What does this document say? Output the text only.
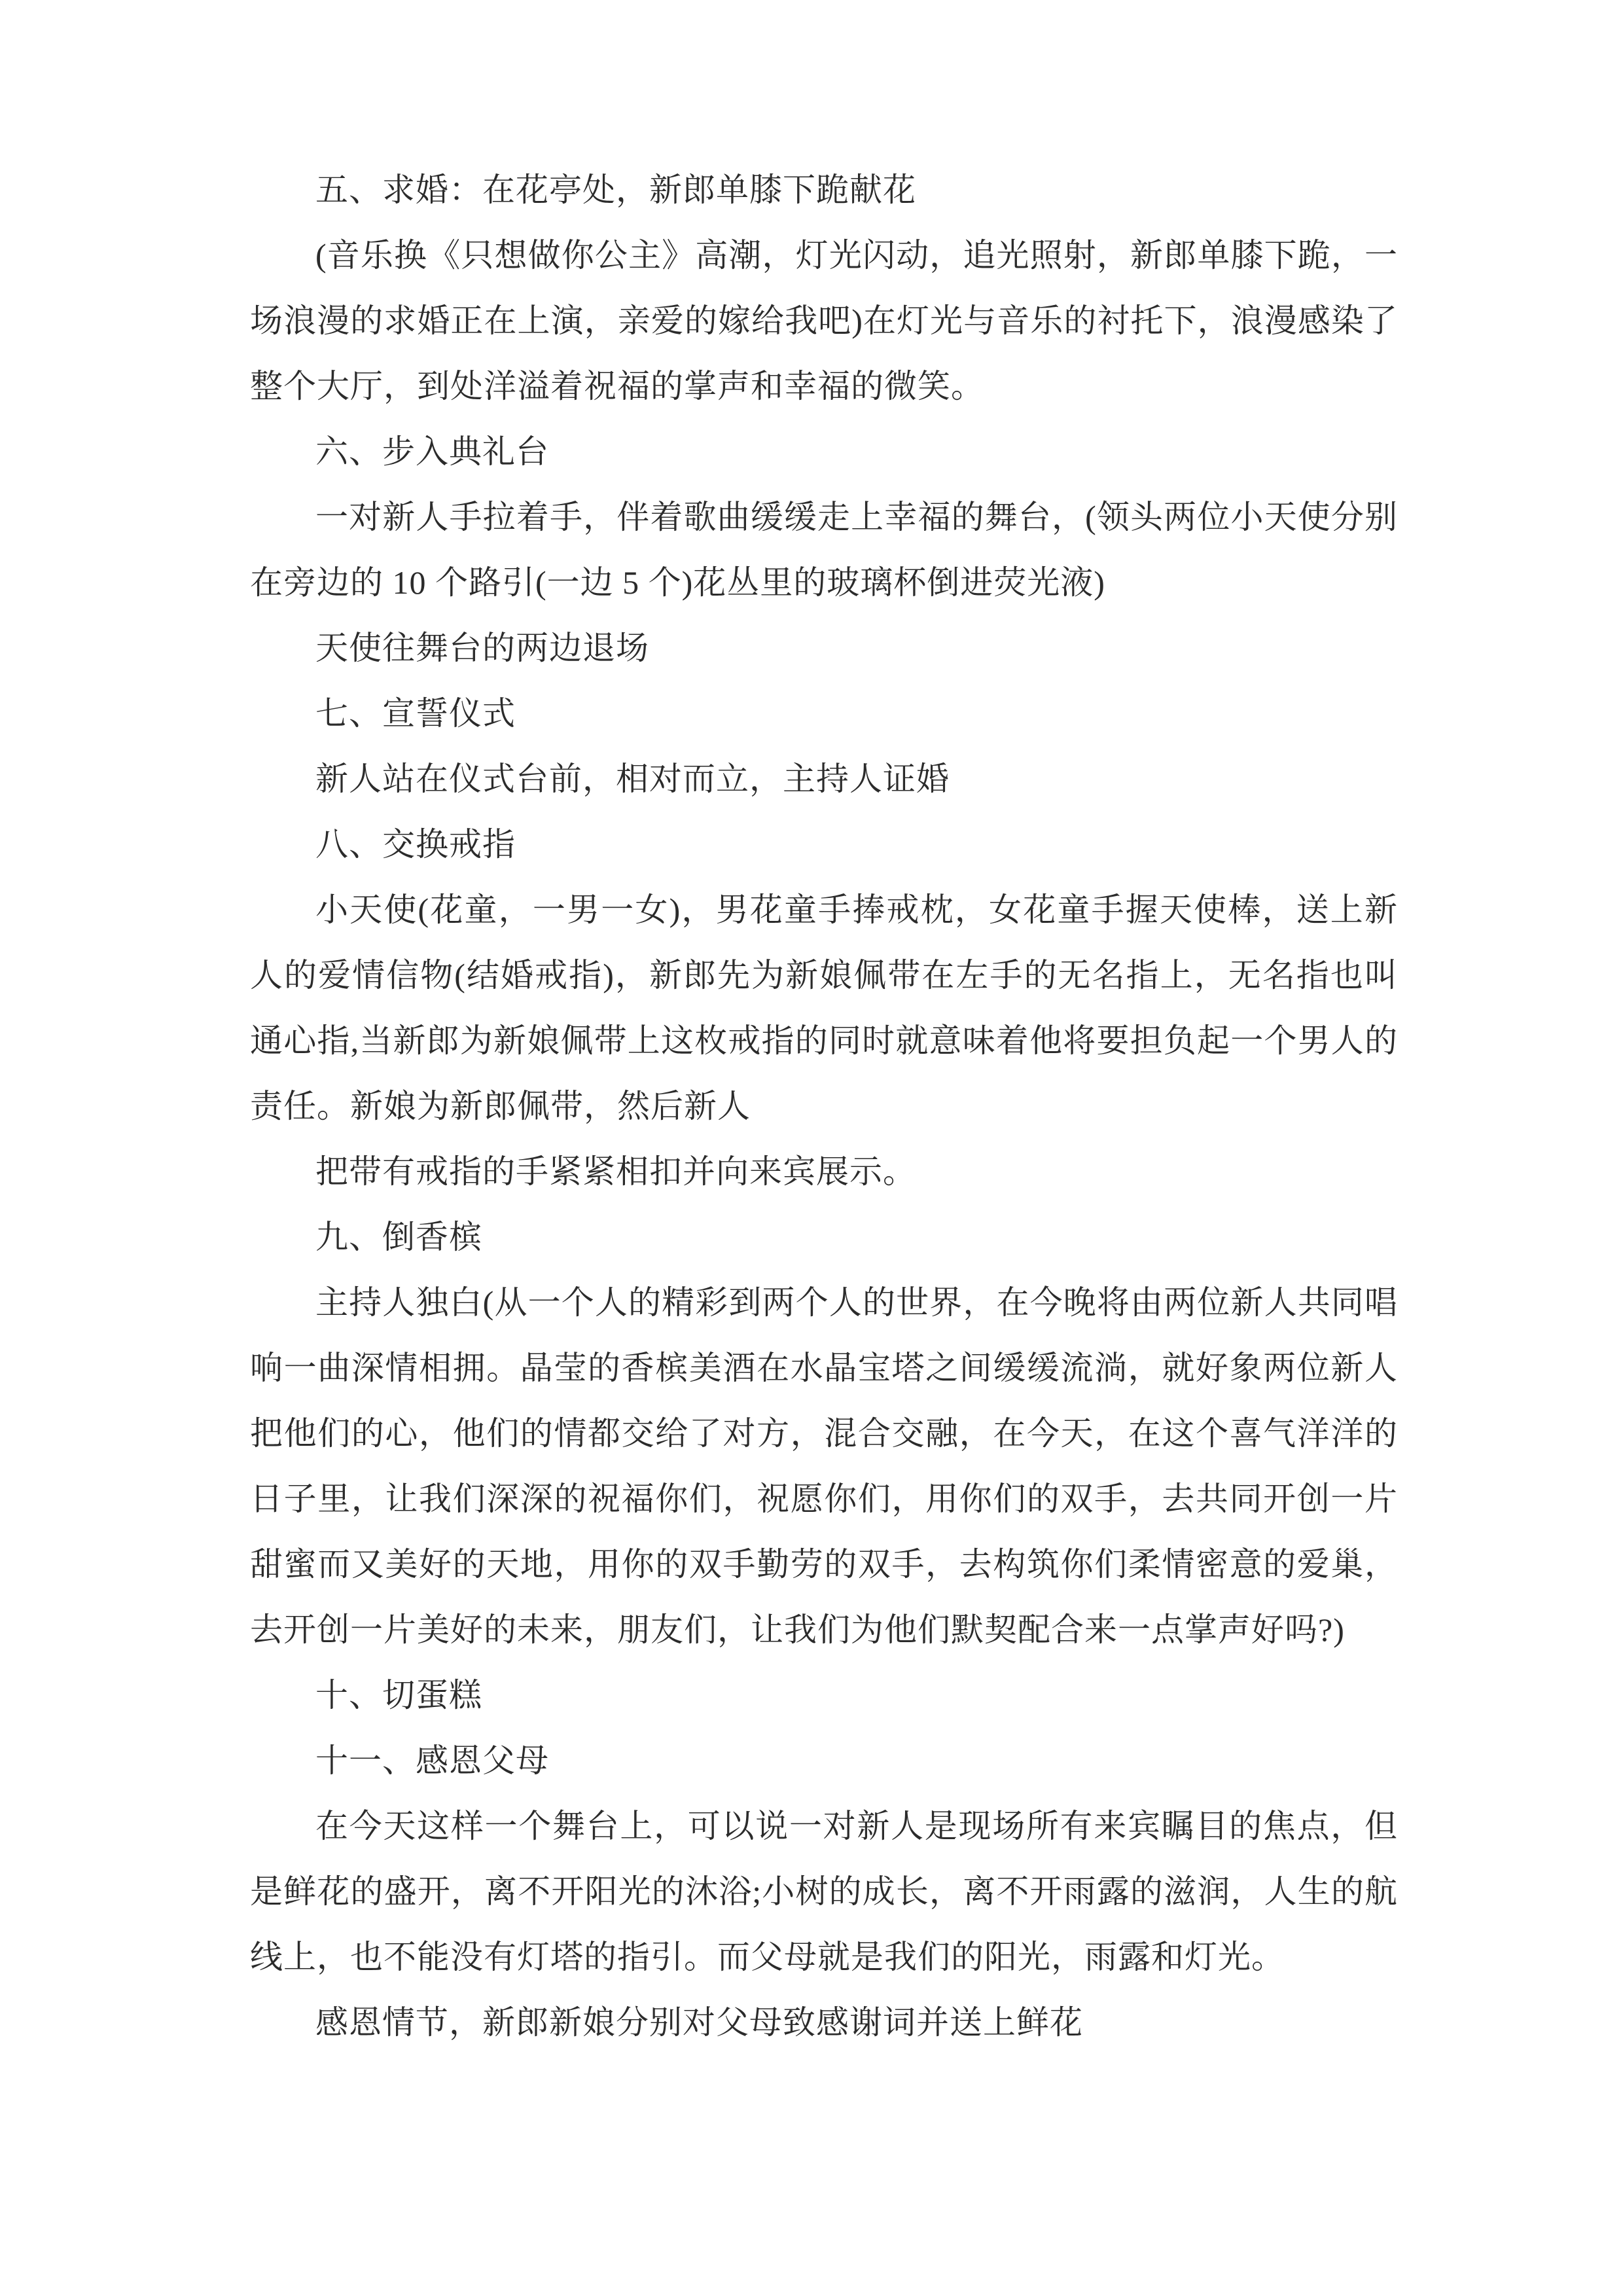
五、求婚：在花亭处，新郎单膝下跪献花

(音乐换《只想做你公主》高潮，灯光闪动，追光照射，新郎单膝下跪，一场浪漫的求婚正在上演，亲爱的嫁给我吧)在灯光与音乐的衬托下，浪漫感染了整个大厅，到处洋溢着祝福的掌声和幸福的微笑。

六、步入典礼台

一对新人手拉着手，伴着歌曲缓缓走上幸福的舞台，(领头两位小天使分别在旁边的 10 个路引(一边 5 个)花丛里的玻璃杯倒进荧光液)

天使往舞台的两边退场

七、宣誓仪式

新人站在仪式台前，相对而立，主持人证婚

八、交换戒指

小天使(花童，一男一女)，男花童手捧戒枕，女花童手握天使棒，送上新人的爱情信物(结婚戒指)，新郎先为新娘佩带在左手的无名指上，无名指也叫通心指,当新郎为新娘佩带上这枚戒指的同时就意味着他将要担负起一个男人的责任。新娘为新郎佩带，然后新人

把带有戒指的手紧紧相扣并向来宾展示。

九、倒香槟

主持人独白(从一个人的精彩到两个人的世界，在今晚将由两位新人共同唱响一曲深情相拥。晶莹的香槟美酒在水晶宝塔之间缓缓流淌，就好象两位新人把他们的心，他们的情都交给了对方，混合交融，在今天，在这个喜气洋洋的日子里，让我们深深的祝福你们，祝愿你们，用你们的双手，去共同开创一片甜蜜而又美好的天地，用你的双手勤劳的双手，去构筑你们柔情密意的爱巢，去开创一片美好的未来，朋友们，让我们为他们默契配合来一点掌声好吗?)

十、切蛋糕

十一、感恩父母

在今天这样一个舞台上，可以说一对新人是现场所有来宾瞩目的焦点，但是鲜花的盛开，离不开阳光的沐浴;小树的成长，离不开雨露的滋润，人生的航线上，也不能没有灯塔的指引。而父母就是我们的阳光，雨露和灯光。

感恩情节，新郎新娘分别对父母致感谢词并送上鲜花
